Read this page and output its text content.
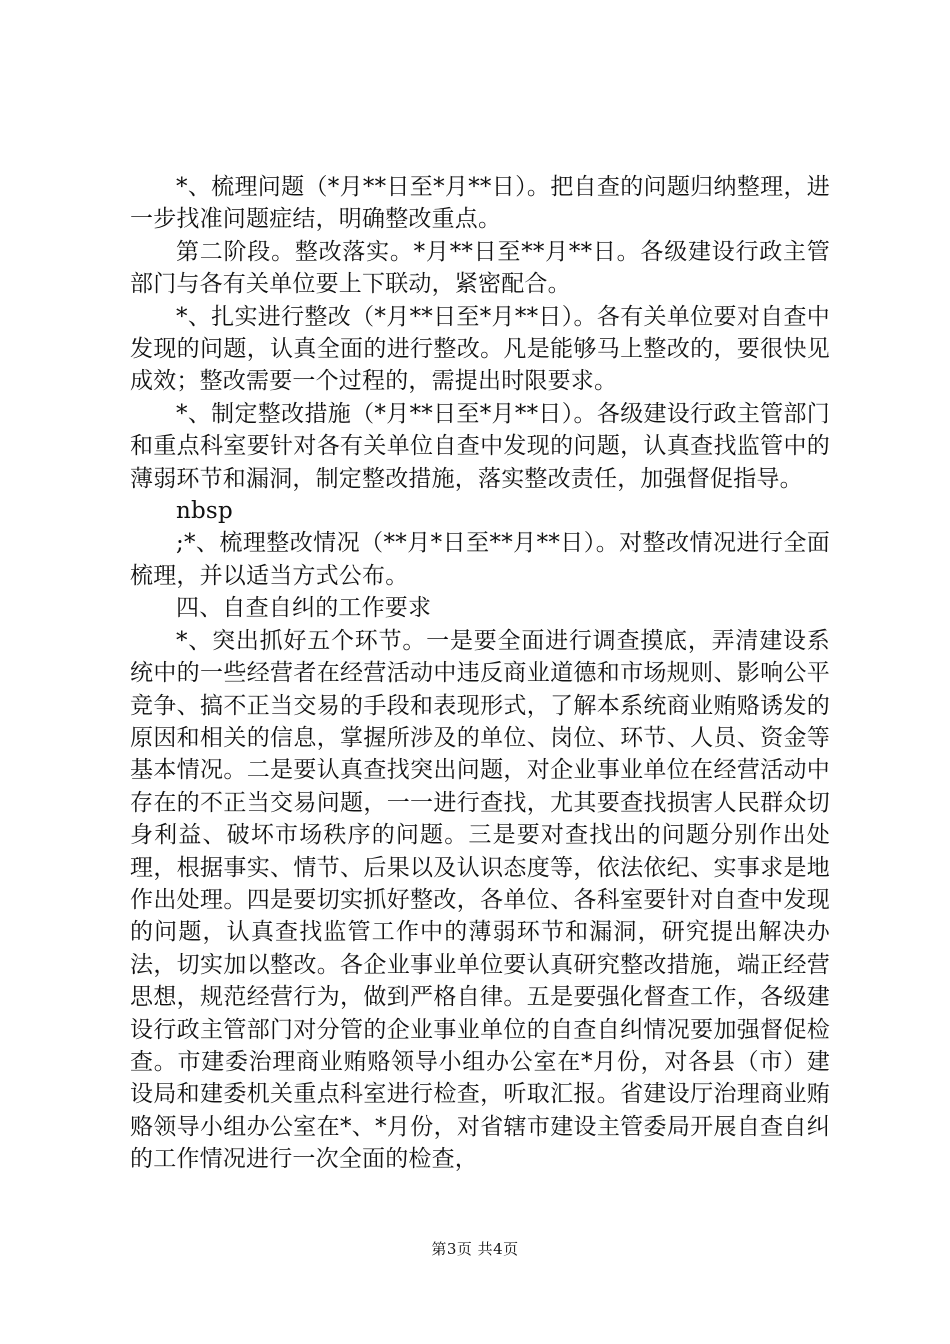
*、梳理问题（*月**日至*月**日）。把自查的问题归纳整理，进一步找准问题症结，明确整改重点。

第二阶段。整改落实。*月**日至**月**日。各级建设行政主管部门与各有关单位要上下联动，紧密配合。

*、扎实进行整改（*月**日至*月**日）。各有关单位要对自查中发现的问题，认真全面的进行整改。凡是能够马上整改的，要很快见成效；整改需要一个过程的，需提出时限要求。

*、制定整改措施（*月**日至*月**日）。各级建设行政主管部门和重点科室要针对各有关单位自查中发现的问题，认真查找监管中的薄弱环节和漏洞，制定整改措施，落实整改责任，加强督促指导。

nbsp

;*、梳理整改情况（**月*日至**月**日）。对整改情况进行全面梳理，并以适当方式公布。

四、自查自纠的工作要求

*、突出抓好五个环节。一是要全面进行调查摸底，弄清建设系统中的一些经营者在经营活动中违反商业道德和市场规则、影响公平竞争、搞不正当交易的手段和表现形式，了解本系统商业贿赂诱发的原因和相关的信息，掌握所涉及的单位、岗位、环节、人员、资金等基本情况。二是要认真查找突出问题，对企业事业单位在经营活动中存在的不正当交易问题，一一进行查找，尤其要查找损害人民群众切身利益、破坏市场秩序的问题。三是要对查找出的问题分别作出处理，根据事实、情节、后果以及认识态度等，依法依纪、实事求是地作出处理。四是要切实抓好整改，各单位、各科室要针对自查中发现的问题，认真查找监管工作中的薄弱环节和漏洞，研究提出解决办法，切实加以整改。各企业事业单位要认真研究整改措施，端正经营思想，规范经营行为，做到严格自律。五是要强化督查工作，各级建设行政主管部门对分管的企业事业单位的自查自纠情况要加强督促检查。市建委治理商业贿赂领导小组办公室在*月份，对各县（市）建设局和建委机关重点科室进行检查，听取汇报。省建设厅治理商业贿赂领导小组办公室在*、*月份，对省辖市建设主管委局开展自查自纠的工作情况进行一次全面的检查，

第3页 共4页
